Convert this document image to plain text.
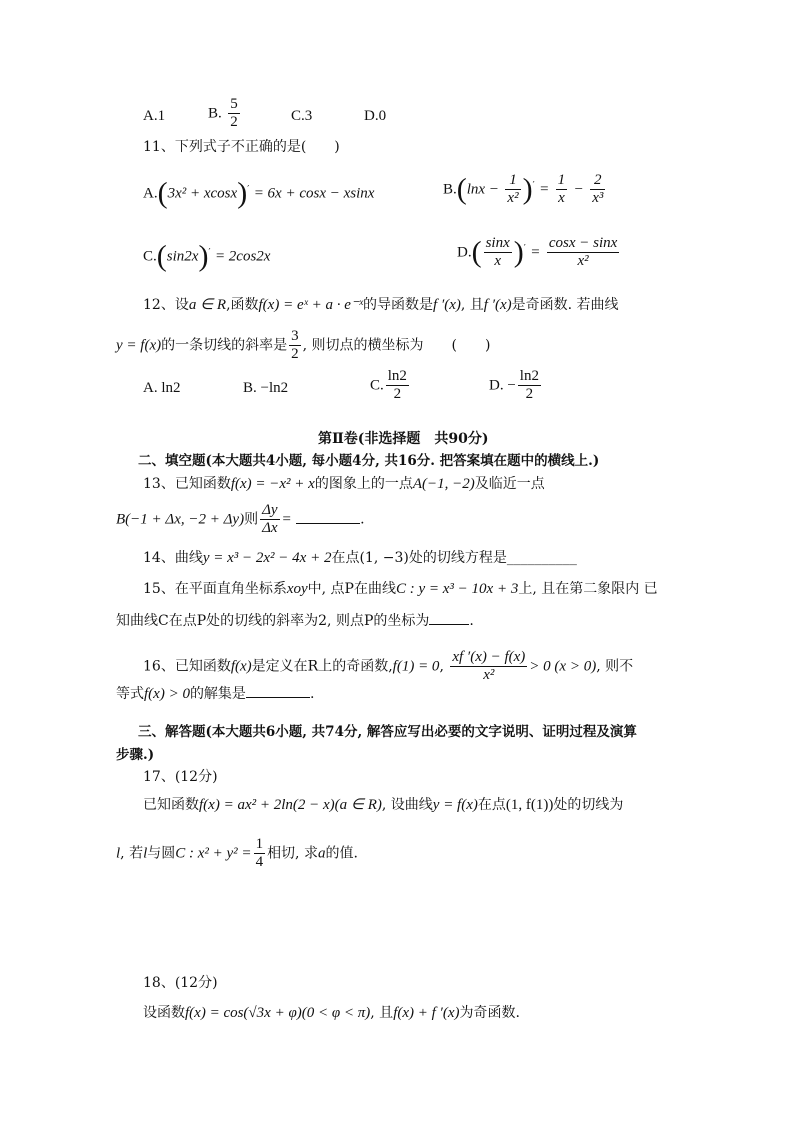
A.1	B. $\frac{5}{2}$	C.3	D.0
11、下列式子不正确的是(　　)
A.(3x² + xcosx)′ = 6x + cosx − xsinx	$B.(\ln x - \frac{1}{\text{x²}} )' = \frac{1}{x} - \frac{2}{\text{x³}}$
C.(sin2x)′ = 2cos2x	$D.( \frac{\sin x}{x} )' = \frac{\cos x - \sin x}{\text{x²}}$
12、设a ∈ R,函数f(x) = eˣ + a · e⁻ˣ的导函数是f ′(x), 且f ′(x)是奇函数. 若曲线
y = f(x)的一条切线的斜率是 $\frac{3}{2}$ , 则切点的横坐标为　　(　　)
A. ln2	B. −ln2	C. $\frac{\ln 2}{2}$	D. − $\frac{\ln 2}{2}$
第Ⅱ卷(非选择题　共90分)
二、填空题(本大题共4小题, 每小题4分, 共16分. 把答案填在题中的横线上.)
13、已知函数f(x) = −x² + x的图象上的一点A(−1, −2)及临近一点
B(−1 + Δx, −2 + Δy)则 $\frac{\Delta y}{\Delta x}$ =	.
14、曲线y = x³ − 2x² − 4x + 2在点(1, −3)处的切线方程是__________
15、在平面直角坐标系xoy中, 点P在曲线C : y = x³ − 10x + 3上, 且在第二象限内 已
知曲线C在点P处的切线的斜率为2, 则点P的坐标为	.
16、已知函数f(x)是定义在R上的奇函数,f(1) = 0, $\frac{xf '(x) - f(x)}{\text{x²}} > 0$ (x > 0), 则不
等式f(x) > 0的解集是	.
三、解答题(本大题共6小题, 共74分, 解答应写出必要的文字说明、证明过程及演算
步骤.)
17、(12分)
已知函数f(x) = ax² + 2ln(2 − x)(a ∈ R), 设曲线y = f(x)在点(1, f(1))处的切线为
l, 若l与圆C : $x^2 + y^2 = \frac{1}{4}$ 相切, 求a的值.
18、(12分)
设函数f(x) = cos(√3x + φ)(0 < φ < π), 且f(x) + f ′(x)为奇函数.
